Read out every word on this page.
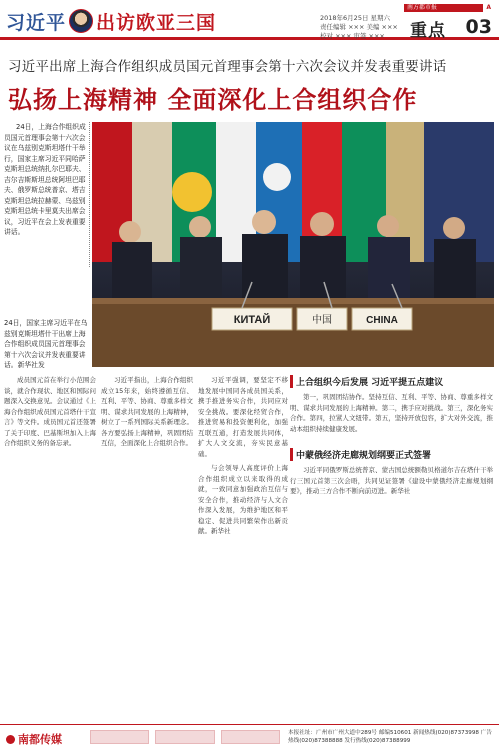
习近平 出访欧亚三国	2018年6月25日 星期六
责任编辑 ××× 美编 ×××
校对 ××× 审签 ×××
南方都市报	A
重点 03
习近平出席上海合作组织成员国元首理事会第十六次会议并发表重要讲话
弘扬上海精神 全面深化上合组织合作

24日，上海合作组织成员国元首理事会第十六次会议在乌兹别克斯坦塔什干举行，国家主席习近平同哈萨克斯坦总统纳扎尔巴耶夫、吉尔吉斯斯坦总统阿坦巴耶夫、俄罗斯总统普京、塔吉克斯坦总统拉赫蒙、乌兹别克斯坦总统卡里莫夫出席会议，习近平在会上发表重要讲话。

КИТАЙ	中国	CHINA

24日，国家主席习近平在乌兹别克斯坦塔什干出席上海合作组织成员国元首理事会第十六次会议并发表重要讲话。新华社发

成员国元首在举行小范围会谈，就合作现状、地区和国际问题深入交换意见。会议通过《上海合作组织成员国元首塔什干宣言》等文件。成员国元首还签署了关于印度、巴基斯坦加入上海合作组织义务的备忘录。

习近平指出，上海合作组织成立15年来，始终遵循互信、互利、平等、协商、尊重多样文明、谋求共同发展的上海精神，树立了一系列国际关系新理念。各方要弘扬上海精神，巩固团结互信，全面深化上合组织合作。

习近平强调，要坚定不移地发展中国同各成员国关系，携手推进务实合作，共同应对安全挑战。要深化经贸合作，推进贸易和投资便利化，加强互联互通，打造发展共同体，扩大人文交流，夯实民意基础。

与会领导人高度评价上海合作组织成立以来取得的成就，一致同意加强政治互信与安全合作，推动经济与人文合作深入发展，为维护地区和平稳定、促进共同繁荣作出新贡献。新华社

上合组织今后发展 习近平提五点建议

第一，巩固团结协作。坚持互信、互利、平等、协商、尊重多样文明、谋求共同发展的上海精神。第二，携手应对挑战。第三，深化务实合作。第四，拉紧人文纽带。第五，坚持开放包容，扩大对外交流，推动本组织持续健康发展。

中蒙俄经济走廊规划纲要正式签署

习近平同俄罗斯总统普京、蒙古国总统额勒贝格道尔吉在塔什干举行三国元首第三次会晤，共同见证签署《建设中蒙俄经济走廊规划纲要》，推动三方合作不断向前迈进。新华社

南都传媒	本报社址：广州市广州大道中289号 邮编510601 新闻热线(020)87373998 广告热线(020)87388888 发行热线(020)87388999
